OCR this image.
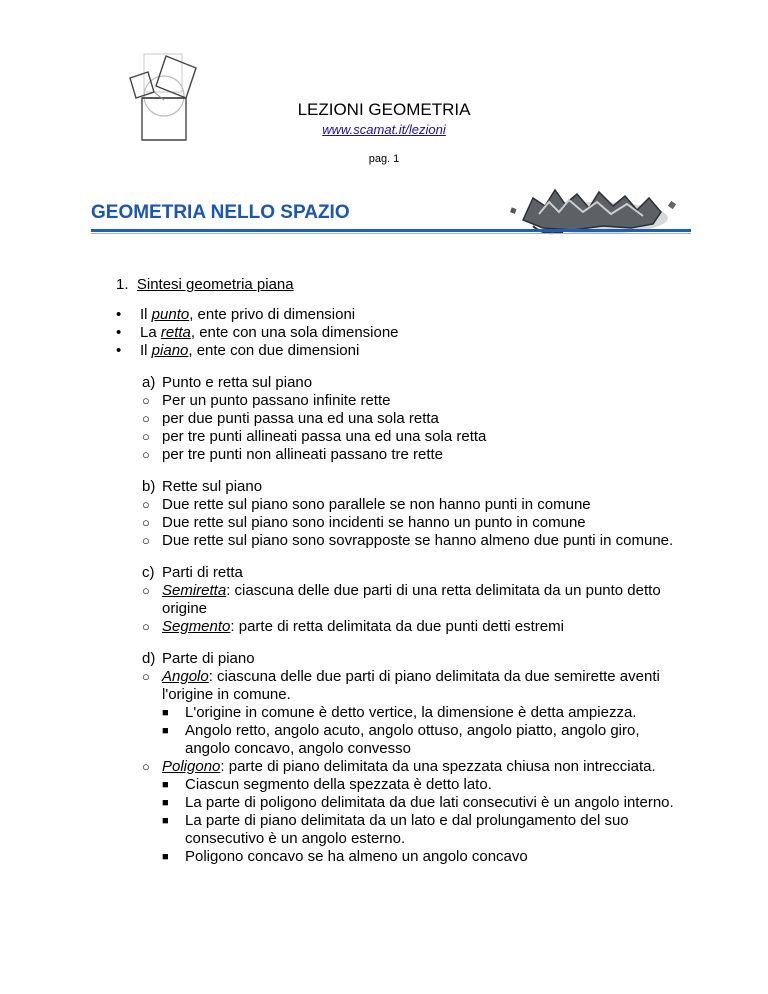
LEZIONI GEOMETRIA
www.scamat.it/lezioni
pag. 1
GEOMETRIA NELLO SPAZIO
1. Sintesi geometria piana
• Il punto, ente privo di dimensioni
• La retta, ente con una sola dimensione
• Il piano, ente con due dimensioni
a) Punto e retta sul piano
○ Per un punto passano infinite rette
○ per due punti passa una ed una sola retta
○ per tre punti allineati passa una ed una sola retta
○ per tre punti non allineati passano tre rette
b) Rette sul piano
○ Due rette sul piano sono parallele se non hanno punti in comune
○ Due rette sul piano sono incidenti se hanno un punto in comune
○ Due rette sul piano sono sovrapposte se hanno almeno due punti in comune.
c) Parti di retta
○ Semiretta: ciascuna delle due parti di una retta delimitata da un punto detto
origine
○ Segmento: parte di retta delimitata da due punti detti estremi
d) Parte di piano
○ Angolo: ciascuna delle due parti di piano delimitata da due semirette aventi
l'origine in comune.
■ L'origine in comune è detto vertice, la dimensione è detta ampiezza.
■ Angolo retto, angolo acuto, angolo ottuso, angolo piatto, angolo giro,
angolo concavo, angolo convesso
○ Poligono: parte di piano delimitata da una spezzata chiusa non intrecciata.
■ Ciascun segmento della spezzata è detto lato.
■ La parte di poligono delimitata da due lati consecutivi è un angolo interno.
■ La parte di piano delimitata da un lato e dal prolungamento del suo
consecutivo è un angolo esterno.
■ Poligono concavo se ha almeno un angolo concavo
